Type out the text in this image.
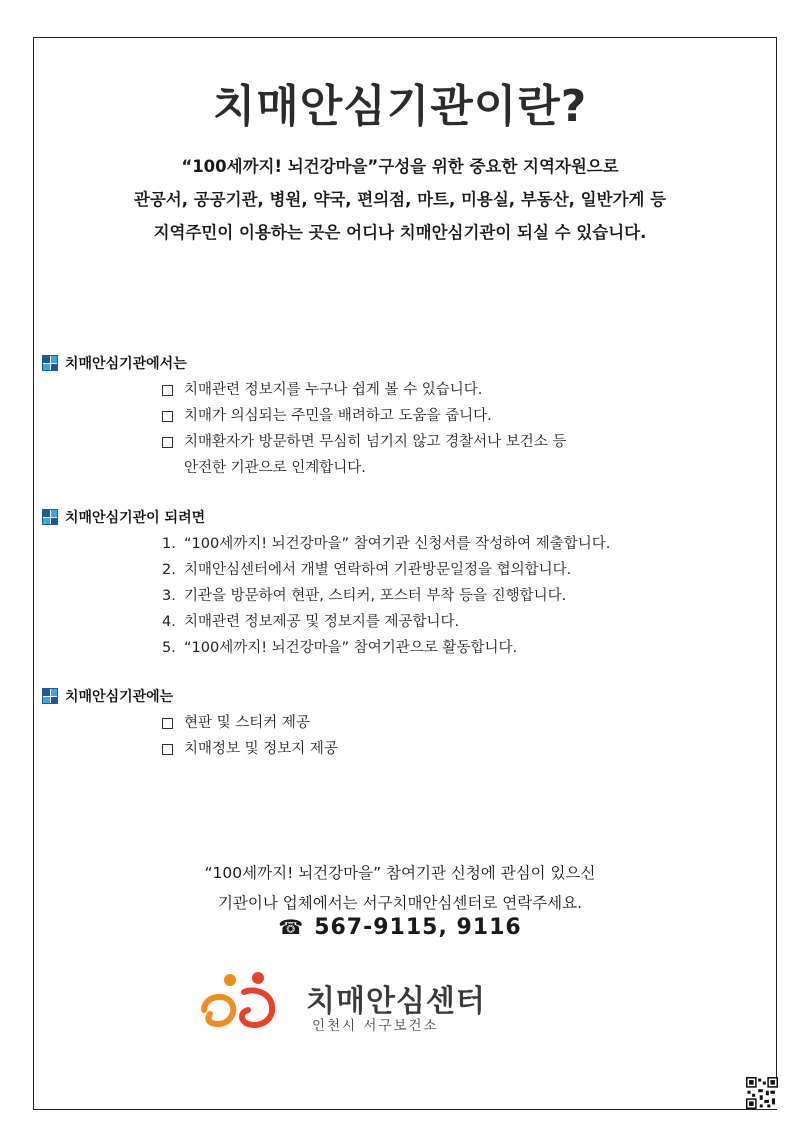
치매안심기관이란?
“100세까지! 뇌건강마을”구성을 위한 중요한 지역자원으로
관공서, 공공기관, 병원, 약국, 편의점, 마트, 미용실, 부동산, 일반가게 등
지역주민이 이용하는 곳은 어디나 치매안심기관이 되실 수 있습니다.
치매안심기관에서는
치매관련 정보지를 누구나 쉽게 볼 수 있습니다.
치매가 의심되는 주민을 배려하고 도움을 줍니다.
치매환자가 방문하면 무심히 넘기지 않고 경찰서나 보건소 등
안전한 기관으로 인계합니다.
치매안심기관이 되려면
1. “100세까지! 뇌건강마을” 참여기관 신청서를 작성하여 제출합니다.
2. 치매안심센터에서 개별 연락하여 기관방문일정을 협의합니다.
3. 기관을 방문하여 현판, 스티커, 포스터 부착 등을 진행합니다.
4. 치매관련 정보제공 및 정보지를 제공합니다.
5. “100세까지! 뇌건강마을” 참여기관으로 활동합니다.
치매안심기관에는
현판 및 스티커 제공
치매정보 및 정보지 제공
“100세까지! 뇌건강마을” 참여기관 신청에 관심이 있으신
기관이나 업체에서는 서구치매안심센터로 연락주세요.
☎ 567-9115, 9116
치매안심센터
인천시 서구보건소
